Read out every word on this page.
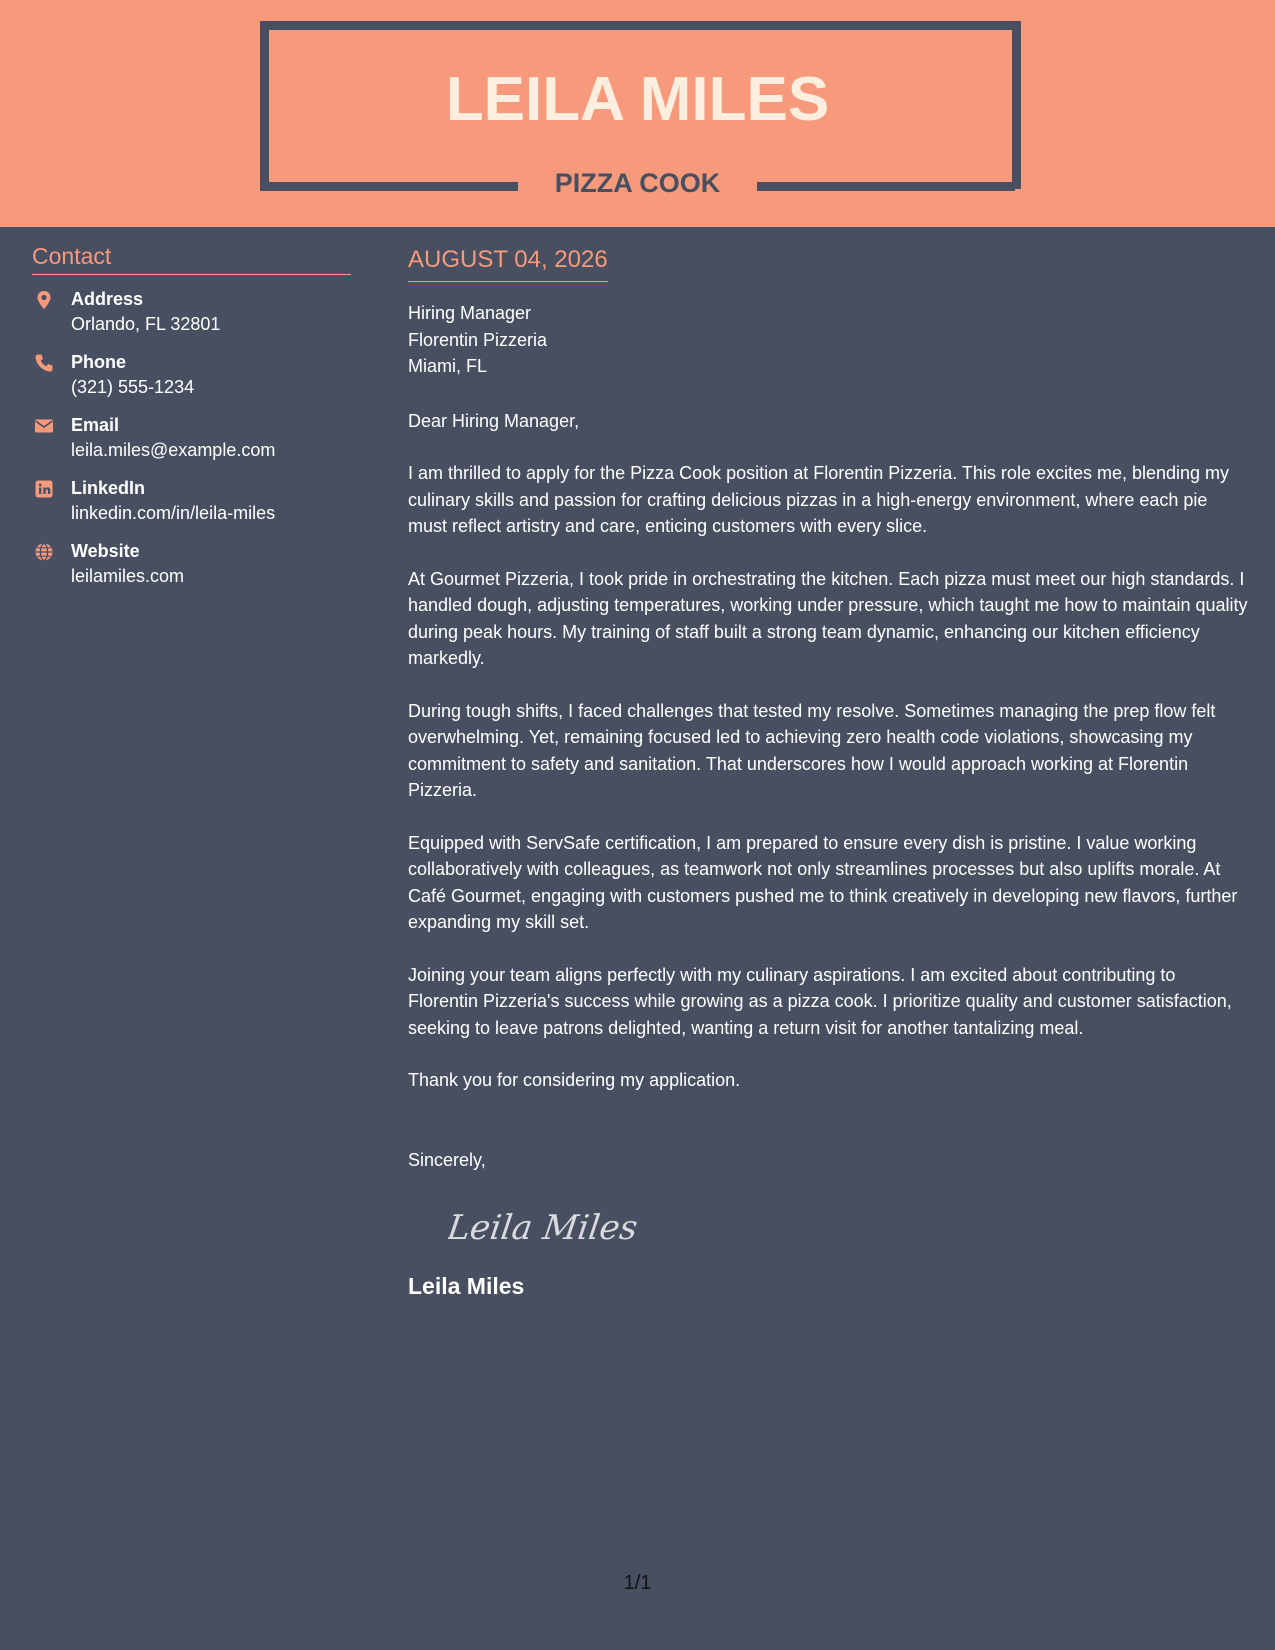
LEILA MILES
PIZZA COOK
Contact
Address
Orlando, FL 32801
Phone
(321) 555-1234
Email
leila.miles@example.com
LinkedIn
linkedin.com/in/leila-miles
Website
leilamiles.com
AUGUST 04, 2026
Hiring Manager
Florentin Pizzeria
Miami, FL
Dear Hiring Manager,
I am thrilled to apply for the Pizza Cook position at Florentin Pizzeria. This role excites me, blending my culinary skills and passion for crafting delicious pizzas in a high-energy environment, where each pie must reflect artistry and care, enticing customers with every slice.
At Gourmet Pizzeria, I took pride in orchestrating the kitchen. Each pizza must meet our high standards. I handled dough, adjusting temperatures, working under pressure, which taught me how to maintain quality during peak hours. My training of staff built a strong team dynamic, enhancing our kitchen efficiency markedly.
During tough shifts, I faced challenges that tested my resolve. Sometimes managing the prep flow felt overwhelming. Yet, remaining focused led to achieving zero health code violations, showcasing my commitment to safety and sanitation. That underscores how I would approach working at Florentin Pizzeria.
Equipped with ServSafe certification, I am prepared to ensure every dish is pristine. I value working collaboratively with colleagues, as teamwork not only streamlines processes but also uplifts morale. At Café Gourmet, engaging with customers pushed me to think creatively in developing new flavors, further expanding my skill set.
Joining your team aligns perfectly with my culinary aspirations. I am excited about contributing to Florentin Pizzeria's success while growing as a pizza cook. I prioritize quality and customer satisfaction, seeking to leave patrons delighted, wanting a return visit for another tantalizing meal.
Thank you for considering my application.
Sincerely,
Leila Miles
Leila Miles
1/1
